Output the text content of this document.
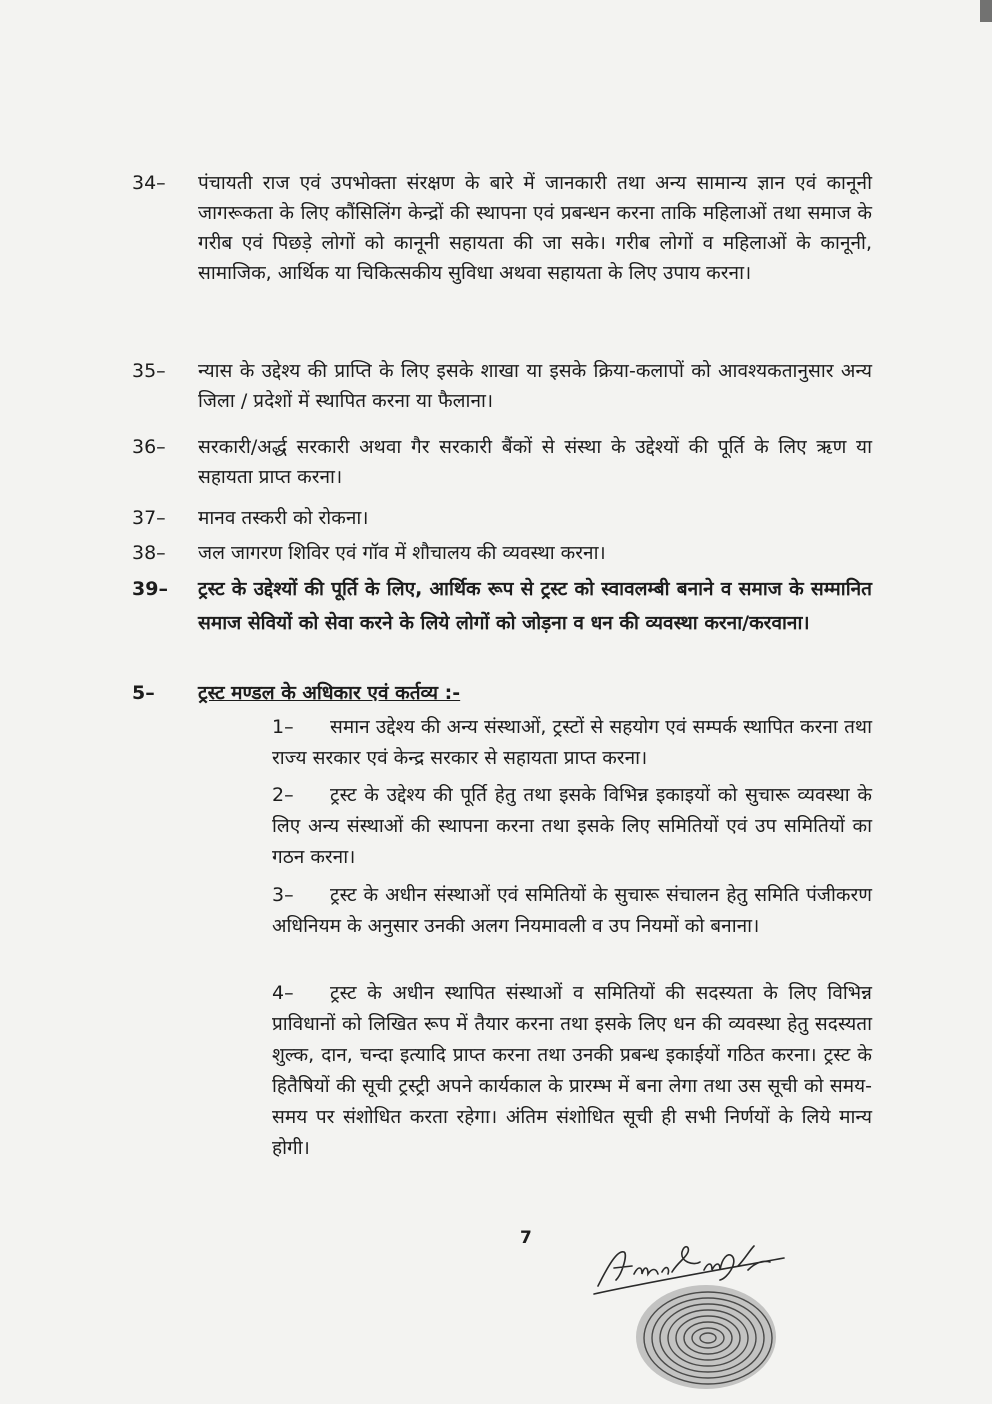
34–	पंचायती राज एवं उपभोक्ता संरक्षण के बारे में जानकारी तथा अन्य सामान्य ज्ञान एवं कानूनी जागरूकता के लिए कौंसिलिंग केन्द्रों की स्थापना एवं प्रबन्धन करना ताकि महिलाओं तथा समाज के गरीब एवं पिछड़े लोगों को कानूनी सहायता की जा सके। गरीब लोगों व महिलाओं के कानूनी, सामाजिक, आर्थिक या चिकित्सकीय सुविधा अथवा सहायता के लिए उपाय करना।
35–	न्यास के उद्देश्य की प्राप्ति के लिए इसके शाखा या इसके क्रिया-कलापों को आवश्यकतानुसार अन्य जिला / प्रदेशों में स्थापित करना या फैलाना।
36–	सरकारी/अर्द्ध सरकारी अथवा गैर सरकारी बैंकों से संस्था के उद्देश्यों की पूर्ति के लिए ऋण या सहायता प्राप्त करना।
37–	मानव तस्करी को रोकना।
38–	जल जागरण शिविर एवं गॉव में शौचालय की व्यवस्था करना।
39–	ट्रस्ट के उद्देश्यों की पूर्ति के लिए, आर्थिक रूप से ट्रस्ट को स्वावलम्बी बनाने व समाज के सम्मानित समाज सेवियों को सेवा करने के लिये लोगों को जोड़ना व धन की व्यवस्था करना/करवाना।
5–	ट्रस्ट मण्डल के अधिकार एवं कर्तव्य :-
1– समान उद्देश्य की अन्य संस्थाओं, ट्रस्टों से सहयोग एवं सम्पर्क स्थापित करना तथा राज्य सरकार एवं केन्द्र सरकार से सहायता प्राप्त करना।
2– ट्रस्ट के उद्देश्य की पूर्ति हेतु तथा इसके विभिन्न इकाइयों को सुचारू व्यवस्था के लिए अन्य संस्थाओं की स्थापना करना तथा इसके लिए समितियों एवं उप समितियों का गठन करना।
3– ट्रस्ट के अधीन संस्थाओं एवं समितियों के सुचारू संचालन हेतु समिति पंजीकरण अधिनियम के अनुसार उनकी अलग नियमावली व उप नियमों को बनाना।
4– ट्रस्ट के अधीन स्थापित संस्थाओं व समितियों की सदस्यता के लिए विभिन्न प्राविधानों को लिखित रूप में तैयार करना तथा इसके लिए धन की व्यवस्था हेतु सदस्यता शुल्क, दान, चन्दा इत्यादि प्राप्त करना तथा उनकी प्रबन्ध इकाईयों गठित करना। ट्रस्ट के हितैषियों की सूची ट्रस्ट्री अपने कार्यकाल के प्रारम्भ में बना लेगा तथा उस सूची को समय-समय पर संशोधित करता रहेगा। अंतिम संशोधित सूची ही सभी निर्णयों के लिये मान्य होगी।
7
